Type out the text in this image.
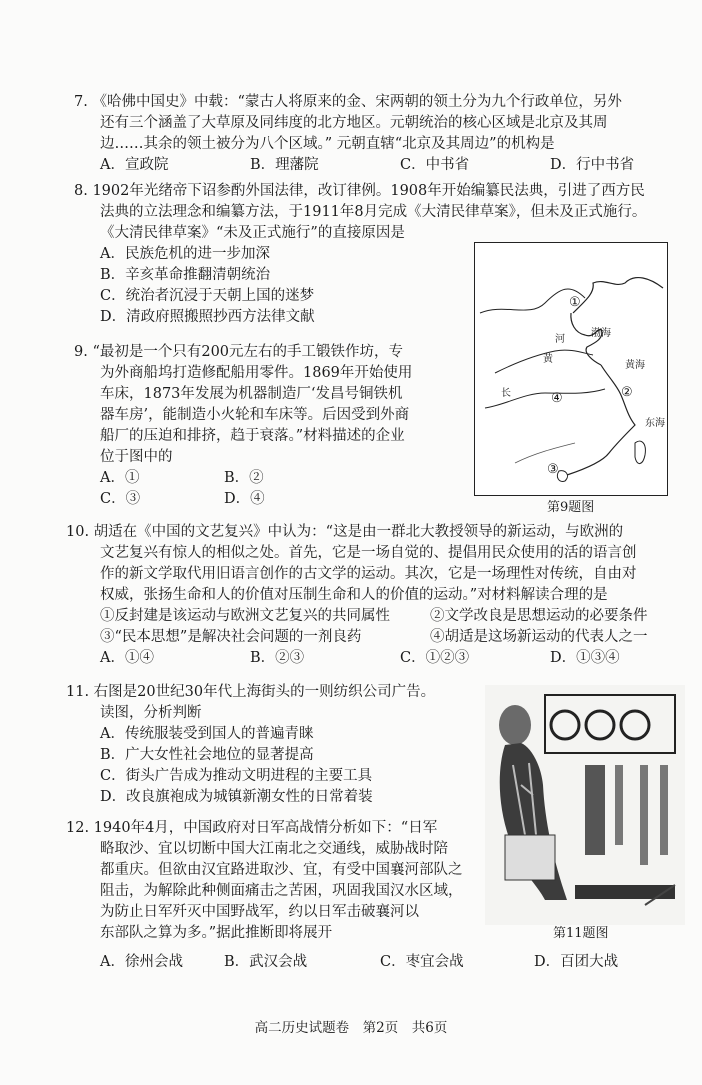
7. 《哈佛中国史》中载：“蒙古人将原来的金、宋两朝的领土分为九个行政单位，另外
还有三个涵盖了大草原及同纬度的北方地区。元朝统治的核心区域是北京及其周
边……其余的领土被分为八个区域。” 元朝直辖“北京及其周边”的机构是
A．宣政院	B．理藩院	C．中书省	D．行中书省
8. 1902年光绪帝下诏参酌外国法律，改订律例。1908年开始编纂民法典，引进了西方民
法典的立法理念和编纂方法，于1911年8月完成《大清民律草案》，但未及正式施行。
《大清民律草案》“未及正式施行”的直接原因是
A．民族危机的进一步加深
B．辛亥革命推翻清朝统治
C．统治者沉浸于天朝上国的迷梦
D．清政府照搬照抄西方法律文献
9. “最初是一个只有200元左右的手工锻铁作坊，专
为外商船坞打造修配船用零件。1869年开始使用
车床，1873年发展为机器制造厂‘发昌号铜铁机
器车房’，能制造小火轮和车床等。后因受到外商
船厂的压迫和排挤，趋于衰落。”材料描述的企业
位于图中的
A．①	B．②
C．③	D．④
①
渤海
河
黄海
黄
②
长	④
东海
③
第9题图
10. 胡适在《中国的文艺复兴》中认为：“这是由一群北大教授领导的新运动，与欧洲的
文艺复兴有惊人的相似之处。首先，它是一场自觉的、提倡用民众使用的活的语言创
作的新文学取代用旧语言创作的古文学的运动。其次，它是一场理性对传统，自由对
权威，张扬生命和人的价值对压制生命和人的价值的运动。”对材料解读合理的是
①反封建是该运动与欧洲文艺复兴的共同属性	②文学改良是思想运动的必要条件
③“民本思想”是解决社会问题的一剂良药	④胡适是这场新运动的代表人之一
A．①④	B．②③	C．①②③	D．①③④
11. 右图是20世纪30年代上海街头的一则纺织公司广告。
读图，分析判断
A．传统服装受到国人的普遍青睐
B．广大女性社会地位的显著提高
C．街头广告成为推动文明进程的主要工具
D．改良旗袍成为城镇新潮女性的日常着装
第11题图
12. 1940年4月，中国政府对日军高战情分析如下：“日军
略取沙、宜以切断中国大江南北之交通线，威胁战时陪
都重庆。但欲由汉宜路进取沙、宜，有受中国襄河部队之
阻击，为解除此种侧面痛击之苦困，巩固我国汉水区域，
为防止日军歼灭中国野战军，约以日军击破襄河以
东部队之算为多。”据此推断即将展开
A．徐州会战	B．武汉会战	C．枣宜会战	D．百团大战
高二历史试题卷　第2页　共6页
